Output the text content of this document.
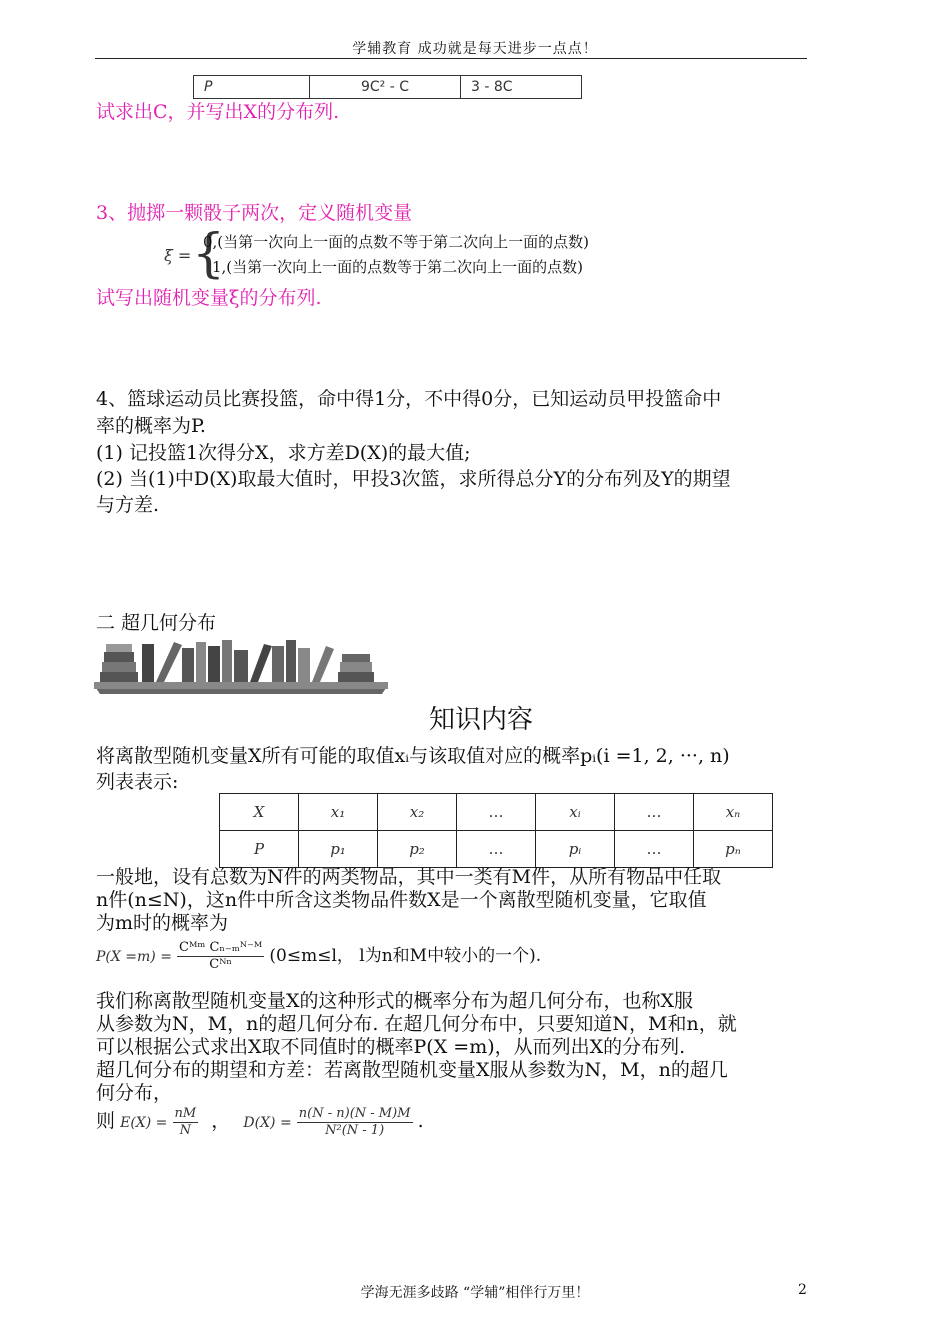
学辅教育 成功就是每天进步一点点！
P	9C² - C	3 - 8C
试求出C，并写出X的分布列.
3、抛掷一颗骰子两次，定义随机变量
ξ = {
0,(当第一次向上一面的点数不等于第二次向上一面的点数)
1,(当第一次向上一面的点数等于第二次向上一面的点数)
试写出随机变量ξ的分布列.
4、篮球运动员比赛投篮，命中得1分，不中得0分，已知运动员甲投篮命中
率的概率为P.
(1) 记投篮1次得分X，求方差D(X)的最大值;
(2) 当(1)中D(X)取最大值时，甲投3次篮，求所得总分Y的分布列及Y的期望
与方差.
二 超几何分布
知识内容
将离散型随机变量X所有可能的取值xᵢ与该取值对应的概率pᵢ(i =1, 2, ···, n)
列表表示:
X	x₁	x₂	…	xᵢ	…	xₙ
P	p₁	p₂	…	pᵢ	…	pₙ
一般地，设有总数为N件的两类物品，其中一类有M件，从所有物品中任取
n件(n≤N)，这n件中所含这类物品件数X是一个离散型随机变量，它取值
为m时的概率为
$P(X =m) = \frac{\text{Cᴹᵐ Cₙ₋ₘᴺ⁻ᴹ}}{\text{Cᴺⁿ}} (0\le m\le l$， l为n和M中较小的一个).
我们称离散型随机变量X的这种形式的概率分布为超几何分布，也称X服
从参数为N，M，n的超几何分布. 在超几何分布中，只要知道N，M和n，就
可以根据公式求出X取不同值时的概率P(X =m)，从而列出X的分布列.
超几何分布的期望和方差：若离散型随机变量X服从参数为N，M，n的超几
何分布，
则 $E(X) = \frac{nM}{N}$ ， $D(X) = \frac{n(N - n)(N - M)M}{\text{N²(N - 1)}}$ .
学海无涯多歧路 “学辅”相伴行万里！	2
